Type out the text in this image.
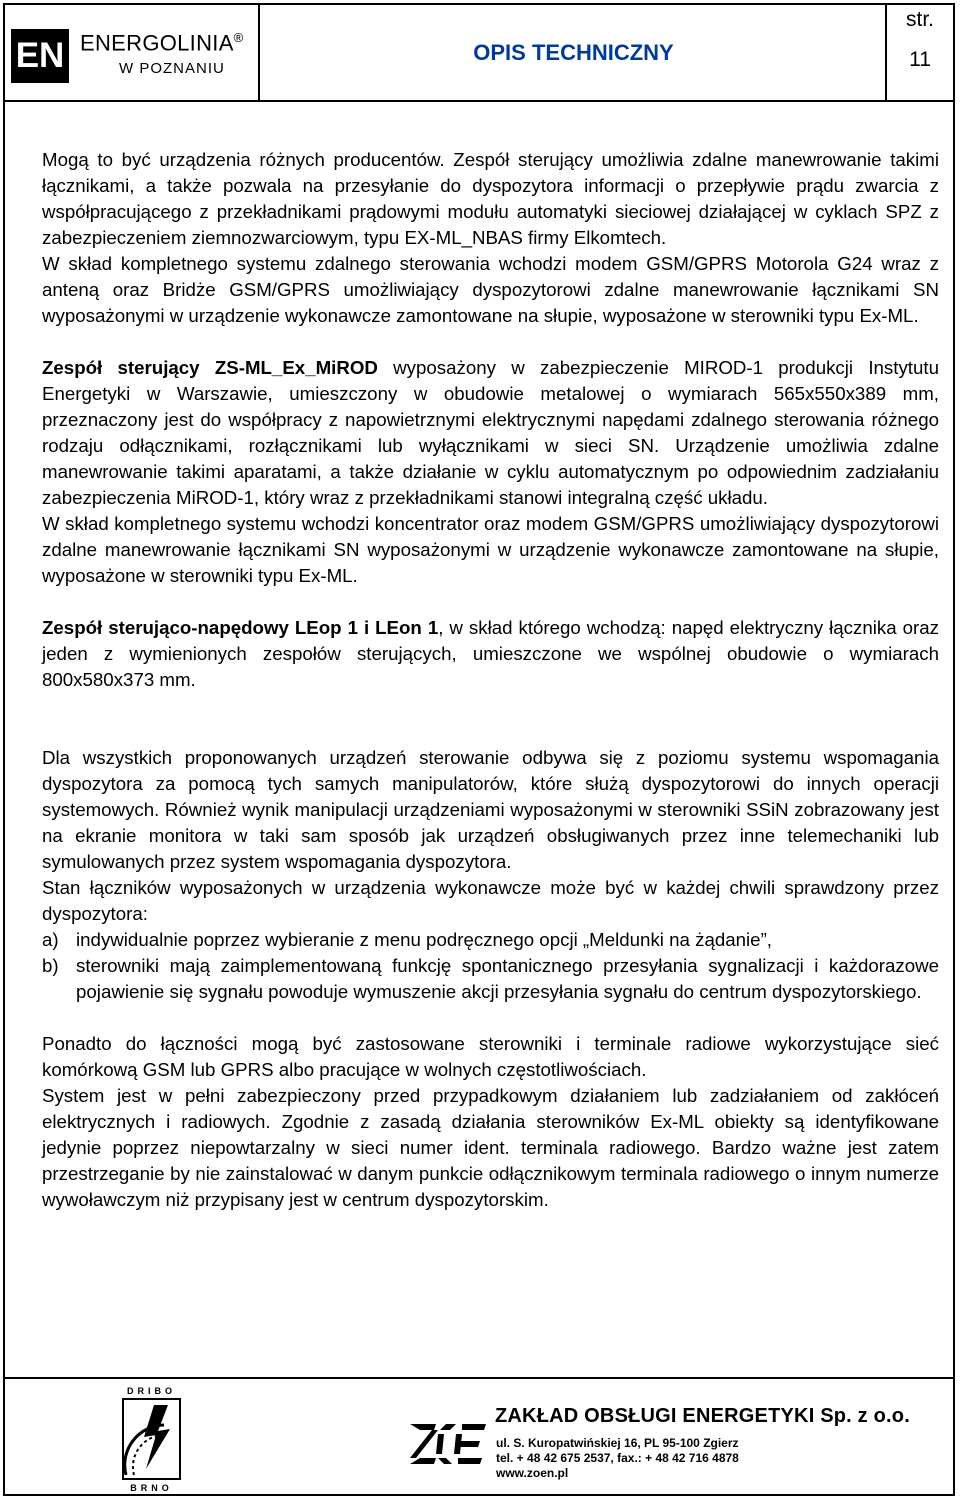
EN ENERGOLINIA®
W POZNANIU
OPIS TECHNICZNY
str.
11

Mogą to być urządzenia różnych producentów. Zespół sterujący umożliwia zdalne manewrowanie takimi łącznikami, a także pozwala na przesyłanie do dyspozytora informacji o przepływie prądu zwarcia z współpracującego z przekładnikami prądowymi modułu automatyki sieciowej działającej w cyklach SPZ z zabezpieczeniem ziemnozwarciowym, typu EX-ML_NBAS firmy Elkomtech.

W skład kompletnego systemu zdalnego sterowania wchodzi modem GSM/GPRS Motorola G24 wraz z anteną oraz Bridże GSM/GPRS umożliwiający dyspozytorowi zdalne manewrowanie łącznikami SN wyposażonymi w urządzenie wykonawcze zamontowane na słupie, wyposażone w sterowniki typu Ex-ML.

Zespół sterujący ZS-ML_Ex_MiROD wyposażony w zabezpieczenie MIROD-1 produkcji Instytutu Energetyki w Warszawie, umieszczony w obudowie metalowej o wymiarach 565x550x389 mm, przeznaczony jest do współpracy z napowietrznymi elektrycznymi napędami zdalnego sterowania różnego rodzaju odłącznikami, rozłącznikami lub wyłącznikami w sieci SN. Urządzenie umożliwia zdalne manewrowanie takimi aparatami, a także działanie w cyklu automatycznym po odpowiednim zadziałaniu zabezpieczenia MiROD-1, który wraz z przekładnikami stanowi integralną część układu.

W skład kompletnego systemu wchodzi koncentrator oraz modem GSM/GPRS umożliwiający dyspozytorowi zdalne manewrowanie łącznikami SN wyposażonymi w urządzenie wykonawcze zamontowane na słupie, wyposażone w sterowniki typu Ex-ML.

Zespół sterująco-napędowy LEop 1 i LEon 1, w skład którego wchodzą: napęd elektryczny łącznika oraz jeden z wymienionych zespołów sterujących, umieszczone we wspólnej obudowie o wymiarach 800x580x373 mm.

Dla wszystkich proponowanych urządzeń sterowanie odbywa się z poziomu systemu wspomagania dyspozytora za pomocą tych samych manipulatorów, które służą dyspozytorowi do innych operacji systemowych. Również wynik manipulacji urządzeniami wyposażonymi w sterowniki SSiN zobrazowany jest na ekranie monitora w taki sam sposób jak urządzeń obsługiwanych przez inne telemechaniki lub symulowanych przez system wspomagania dyspozytora.

Stan łączników wyposażonych w urządzenia wykonawcze może być w każdej chwili sprawdzony przez dyspozytora:

a) indywidualnie poprzez wybieranie z menu podręcznego opcji „Meldunki na żądanie”,
b) sterowniki mają zaimplementowaną funkcję spontanicznego przesyłania sygnalizacji i każdorazowe pojawienie się sygnału powoduje wymuszenie akcji przesyłania sygnału do centrum dyspozytorskiego.

Ponadto do łączności mogą być zastosowane sterowniki i terminale radiowe wykorzystujące sieć komórkową GSM lub GPRS albo pracujące w wolnych częstotliwościach.

System jest w pełni zabezpieczony przed przypadkowym działaniem lub zadziałaniem od zakłóceń elektrycznych i radiowych. Zgodnie z zasadą działania sterowników Ex-ML obiekty są identyfikowane jedynie poprzez niepowtarzalny w sieci numer ident. terminala radiowego. Bardzo ważne jest zatem przestrzeganie by nie zainstalować w danym punkcie odłącznikowym terminala radiowego o innym numerze wywoławczym niż przypisany jest w centrum dyspozytorskim.

DRIBO
BRNO
ZOE	ZAKŁAD OBSŁUGI ENERGETYKI Sp. z o.o.
ul. S. Kuropatwińskiej 16, PL 95-100 Zgierz
tel. + 48 42 675 2537, fax.: + 48 42 716 4878
www.zoen.pl
